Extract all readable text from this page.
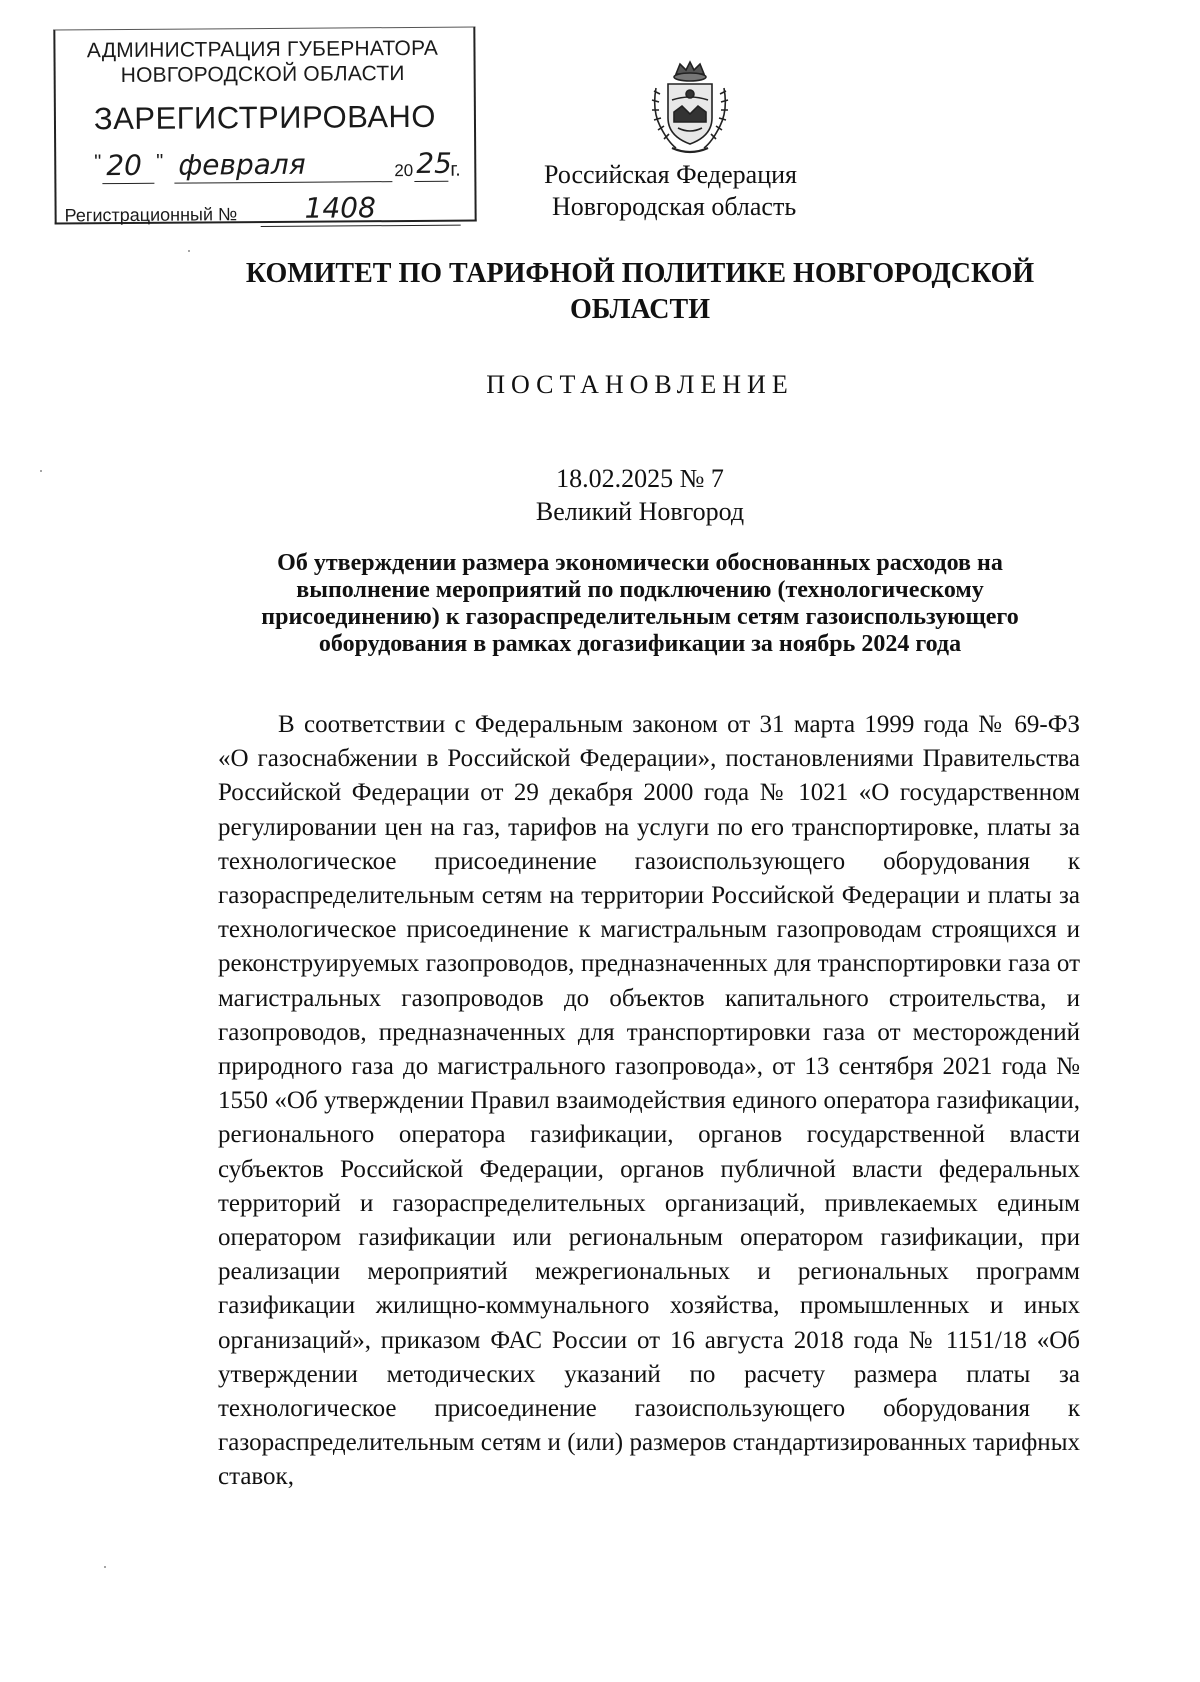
АДМИНИСТРАЦИЯ ГУБЕРНАТОРА
НОВГОРОДСКОЙ ОБЛАСТИ
ЗАРЕГИСТРИРОВАНО
" 20 " февраля	20 25
г.
Регистрационный № 1408
Российская Федерация
Новгородская область
КОМИТЕТ ПО ТАРИФНОЙ ПОЛИТИКЕ НОВГОРОДСКОЙ ОБЛАСТИ
ПОСТАНОВЛЕНИЕ
18.02.2025 № 7
Великий Новгород
Об утверждении размера экономически обоснованных расходов на выполнение мероприятий по подключению (технологическому присоединению) к газораспределительным сетям газоиспользующего оборудования в рамках догазификации за ноябрь 2024 года
В соответствии с Федеральным законом от 31 марта 1999 года № 69-ФЗ «О газоснабжении в Российской Федерации», постановлениями Правительства Российской Федерации от 29 декабря 2000 года № 1021 «О государственном регулировании цен на газ, тарифов на услуги по его транспортировке, платы за технологическое присоединение газоиспользующего оборудования к газораспределительным сетям на территории Российской Федерации и платы за технологическое присоединение к магистральным газопроводам строящихся и реконструируемых газопроводов, предназначенных для транспортировки газа от магистральных газопроводов до объектов капитального строительства, и газопроводов, предназначенных для транспортировки газа от месторождений природного газа до магистрального газопровода», от 13 сентября 2021 года № 1550 «Об утверждении Правил взаимодействия единого оператора газификации, регионального оператора газификации, органов государственной власти субъектов Российской Федерации, органов публичной власти федеральных территорий и газораспределительных организаций, привлекаемых единым оператором газификации или региональным оператором газификации, при реализации мероприятий межрегиональных и региональных программ газификации жилищно-коммунального хозяйства, промышленных и иных организаций», приказом ФАС России от 16 августа 2018 года № 1151/18 «Об утверждении методических указаний по расчету размера платы за технологическое присоединение газоиспользующего оборудования к газораспределительным сетям и (или) размеров стандартизированных тарифных ставок,
